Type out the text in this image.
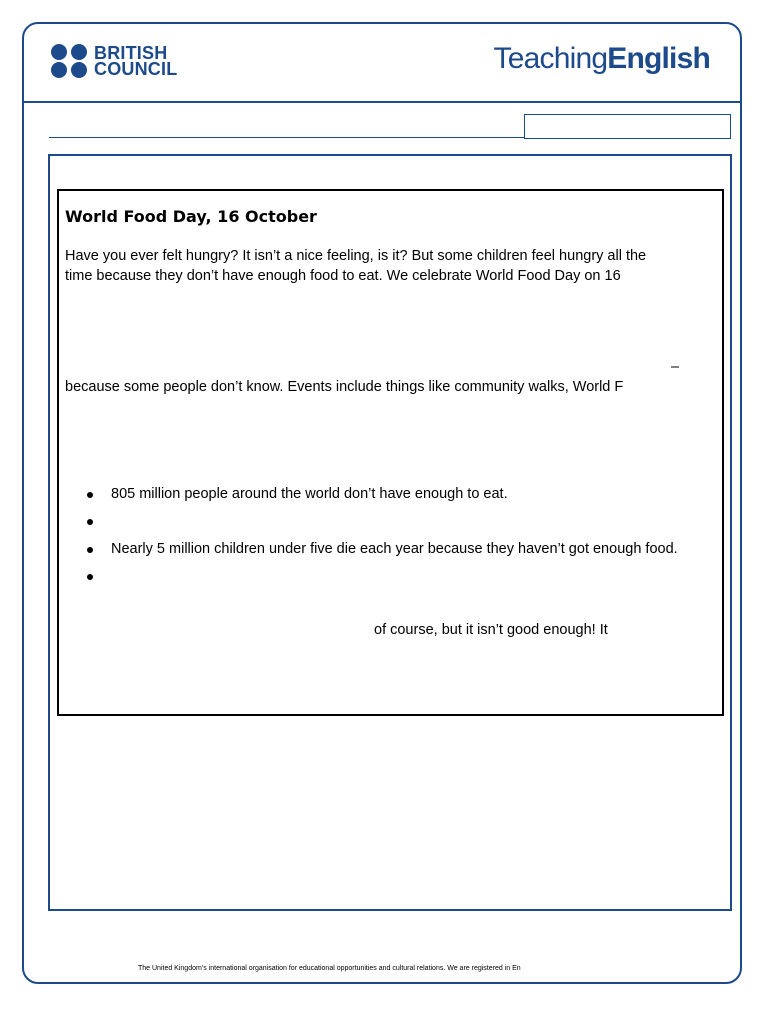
BRITISH
COUNCIL	TeachingEnglish
World Food Day, 16 October
Have you ever felt hungry? It isn’t a nice feeling, is it? But some children feel hungry all the
time because they don’t have enough food to eat. We celebrate World Food Day on 16
–
because some people don’t know. Events include things like community walks, World F
805 million people around the world don’t have enough to eat.
Nearly 5 million children under five die each year because they haven’t got enough food.
of course, but it isn’t good enough! It
The United Kingdom’s international organisation for educational opportunities and cultural relations. We are registered in En
